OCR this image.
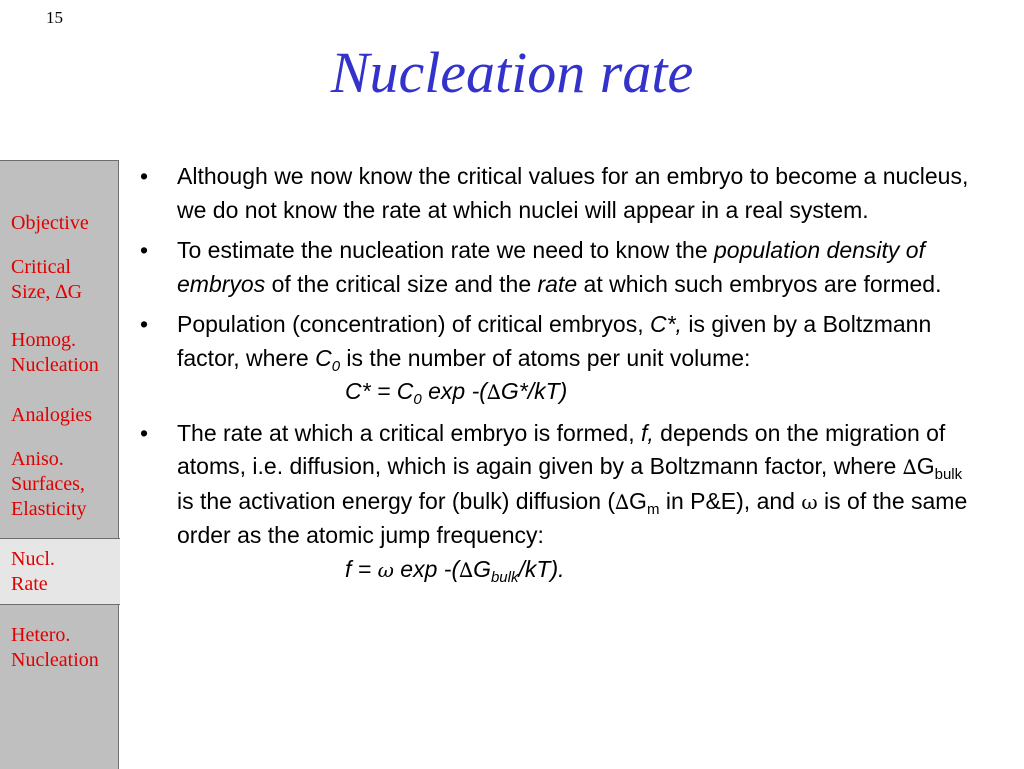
15
Nucleation rate
Objective
Critical
Size, ∆G
Homog.
Nucleation
Analogies
Aniso.
Surfaces,
Elasticity
Nucl.
Rate
Hetero.
Nucleation
• Although we now know the critical values for an embryo to become a nucleus, we do not know the rate at which nuclei will appear in a real system.
• To estimate the nucleation rate we need to know the population density of embryos of the critical size and the rate at which such embryos are formed.
• Population (concentration) of critical embryos, C*, is given by a Boltzmann factor, where $C_0$ is the number of atoms per unit volume:
$C* = C_0$ exp -(∆G*/kT)
• The rate at which a critical embryo is formed, f, depends on the migration of atoms, i.e. diffusion, which is again given by a Boltzmann factor, where $\Delta G_{bulk}$ is the activation energy for (bulk) diffusion ($\Delta G_m$ in P&E), and ω is of the same order as the atomic jump frequency:
f = ω $\exp -(\Delta G_{bulk}/kT)$.
